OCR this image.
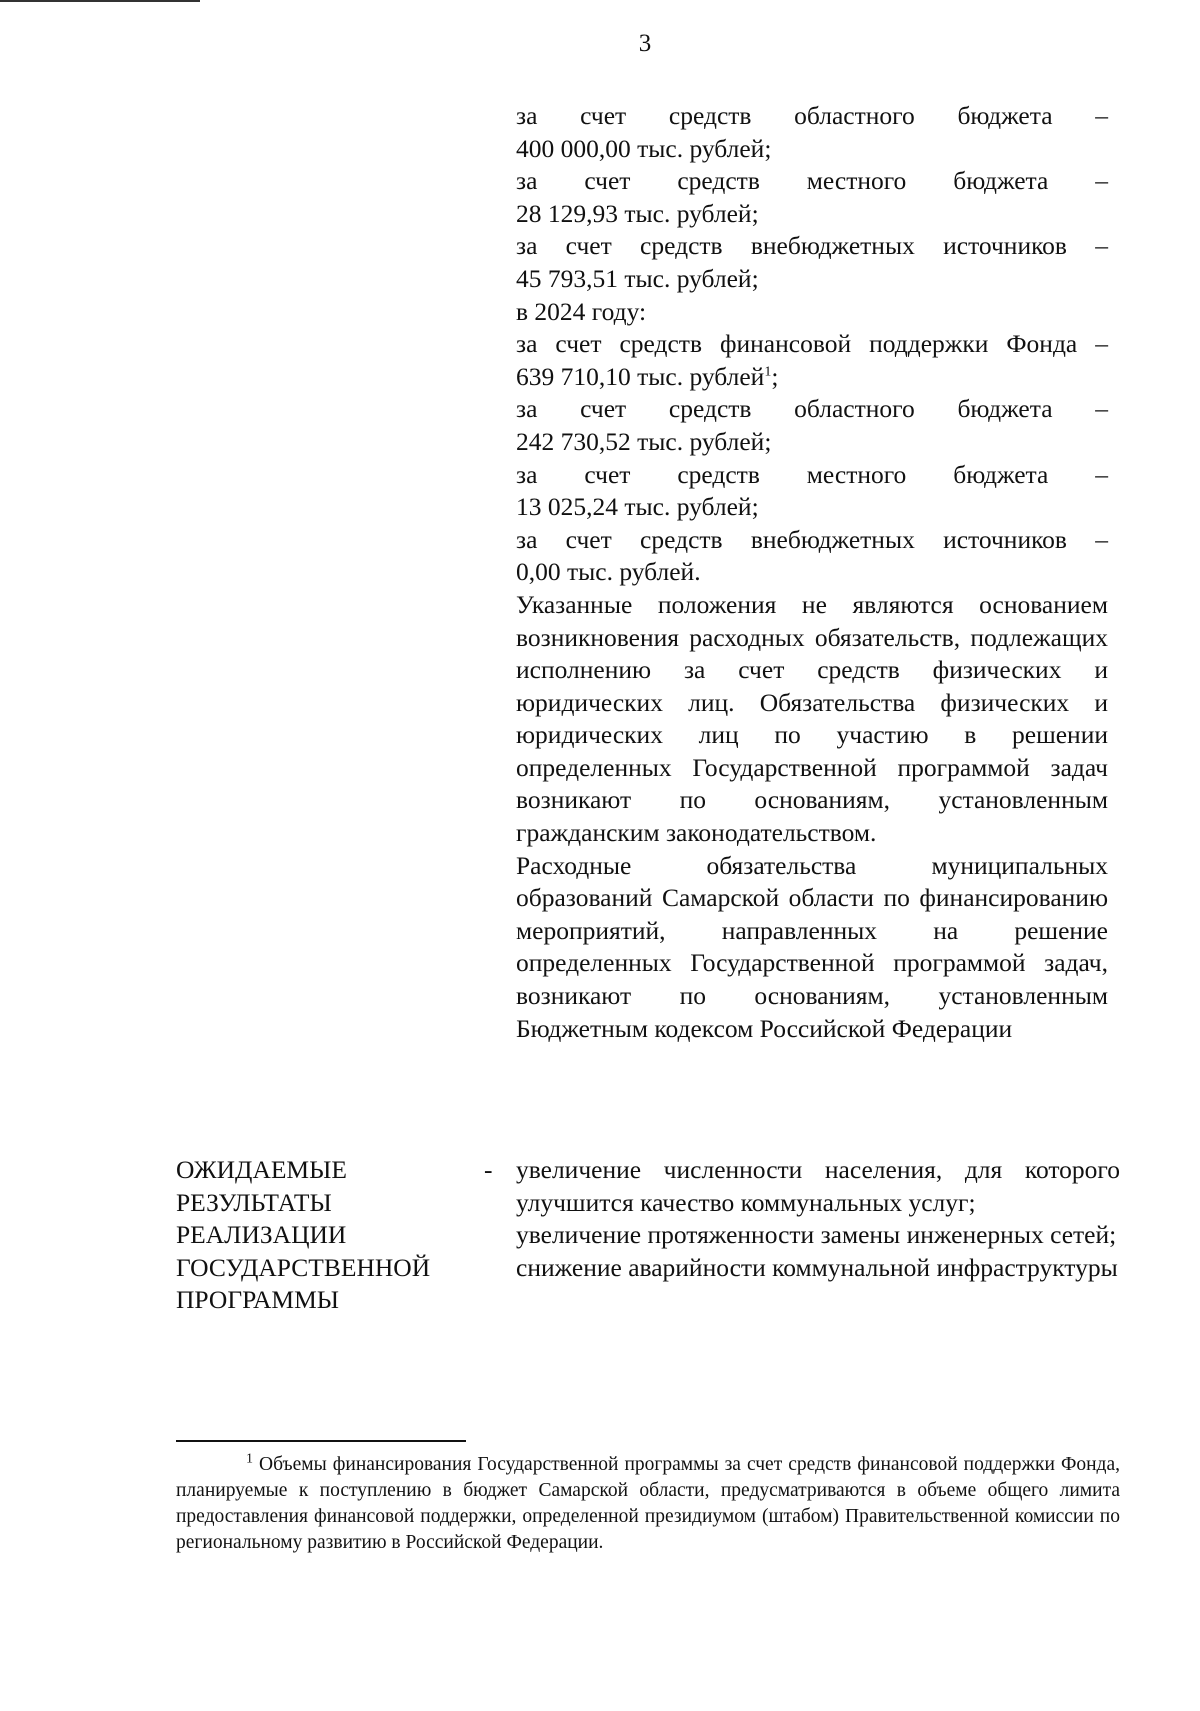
3

за счет средств областного бюджета –

400 000,00 тыс. рублей;

за счет средств местного бюджета –

28 129,93 тыс. рублей;

за счет средств внебюджетных источников –

45 793,51 тыс. рублей;

в 2024 году:

за счет средств финансовой поддержки Фонда –

639 710,10 тыс. рублей$^1$;

за счет средств областного бюджета –

242 730,52 тыс. рублей;

за счет средств местного бюджета –

13 025,24 тыс. рублей;

за счет средств внебюджетных источников –

0,00 тыс. рублей.

Указанные положения не являются основанием возникновения расходных обязательств, подлежащих исполнению за счет средств физических и юридических лиц. Обязательства физических и юридических лиц по участию в решении определенных Государственной программой задач возникают по основаниям, установленным гражданским законодательством.

Расходные обязательства муниципальных образований Самарской области по финансированию мероприятий, направленных на решение определенных Государственной программой задач, возникают по основаниям, установленным Бюджетным кодексом Российской Федерации

ОЖИДАЕМЫЕ
РЕЗУЛЬТАТЫ
РЕАЛИЗАЦИИ
ГОСУДАРСТВЕННОЙ
ПРОГРАММЫ
- увеличение численности населения, для которого улучшится качество коммунальных услуг;

увеличение протяженности замены инженерных сетей;

снижение аварийности коммунальной инфраструктуры

$^1$ Объемы финансирования Государственной программы за счет средств финансовой поддержки Фонда, планируемые к поступлению в бюджет Самарской области, предусматриваются в объеме общего лимита предоставления финансовой поддержки, определенной президиумом (штабом) Правительственной комиссии по региональному развитию в Российской Федерации.
